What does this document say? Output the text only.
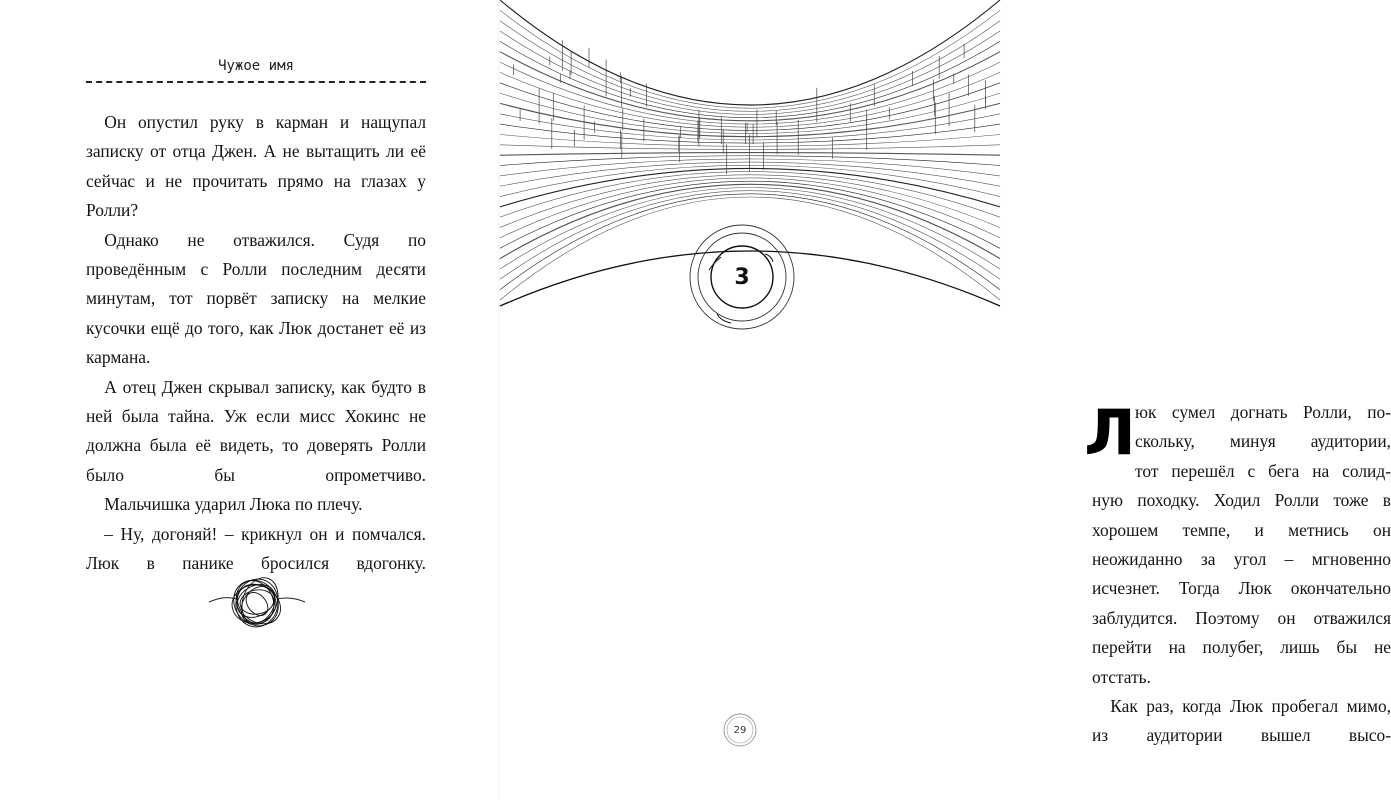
Чужое имя

Он опустил руку в карман и нащупал записку от отца Джен. А не вытащить ли её сейчас и не прочитать прямо на глазах у Ролли?

Однако не отважился. Судя по проведённым с Ролли последним десяти минутам, тот порвёт записку на мелкие кусочки ещё до того, как Люк достанет её из кармана.

А отец Джен скрывал записку, как будто в ней была тайна. Уж если мисс Хокинс не должна была её видеть, то доверять Ролли было бы опрометчиво.

Мальчишка ударил Люка по плечу.

– Ну, догоняй! – крикнул он и помчался. Люк в панике бросился вдогонку.

3
Л юк сумел догнать Ролли, по-
скольку, минуя аудитории,
тот перешёл с бега на солид-

ную походку. Ходил Ролли тоже в хорошем темпе, и метнись он неожиданно за угол – мгновенно исчезнет. Тогда Люк окончательно заблудится. Поэтому он отважился перейти на полубег, лишь бы не отстать.

Как раз, когда Люк пробегал мимо, из аудитории вышел высо-

29
